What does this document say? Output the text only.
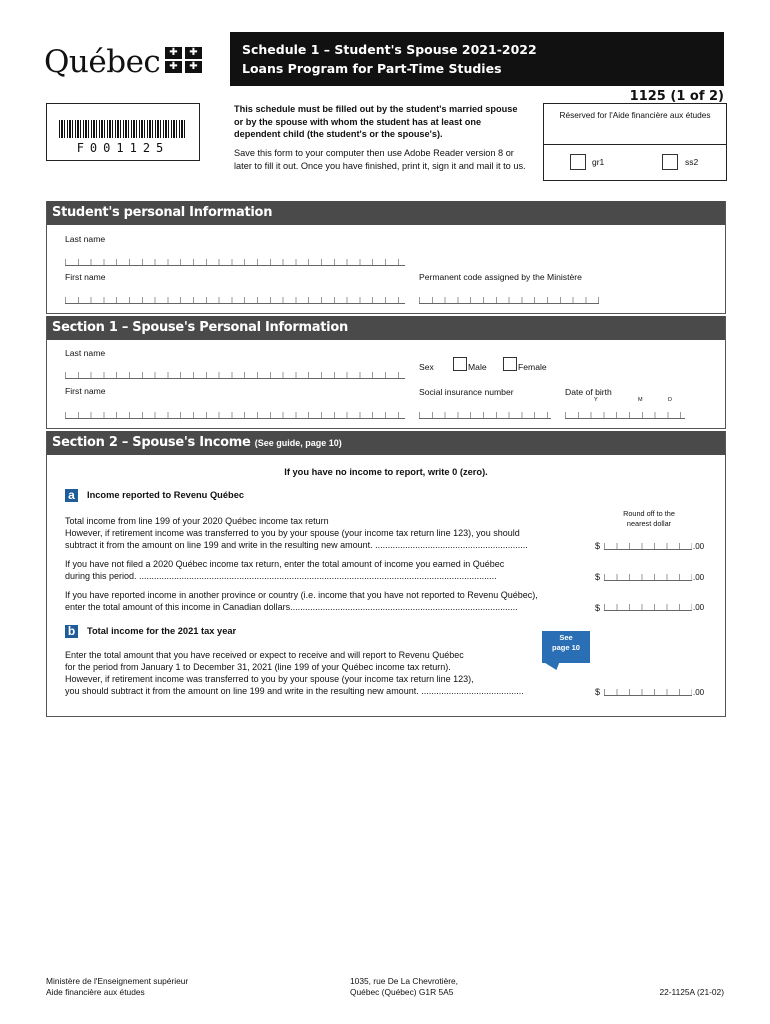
Québec ✚	✚
✚	✚
Schedule 1 – Student's Spouse 2021-2022
Loans Program for Part-Time Studies
1125 (1 of 2)
F001125
This schedule must be filled out by the student's married spouse or by the spouse with whom the student has at least one dependent child (the student's or the spouse's).
Save this form to your computer then use Adobe Reader version 8 or later to fill it out. Once you have finished, print it, sign it and mail it to us.
Réserved for l'Aide financière aux études
gr1	ss2
Student's personal Information
Last name
First name	Permanent code assigned by the Ministère
Section 1 – Spouse's Personal Information
Last name
Sex	Male	Female
First name	Social insurance number	Date of birth
Y	M	D
Section 2 – Spouse's Income (See guide, page 10)
If you have no income to report, write 0 (zero).
a	Income reported to Revenu Québec
Round off to the
nearest dollar
Total income from line 199 of your 2020 Québec income tax return
However, if retirement income was transferred to you by your spouse (your income tax return line 123), you should
subtract it from the amount on line 199 and write in the resulting new amount. .............................................................	$	.00
If you have not filed a 2020 Québec income tax return, enter the total amount of income you earned in Québec
during this period. ...............................................................................................................................................	$	.00
If you have reported income in another province or country (i.e. income that you have not reported to Revenu Québec),
enter the total amount of this income in Canadian dollars...........................................................................................	$	.00
b	Total income for the 2021 tax year
See
page 10
Enter the total amount that you have received or expect to receive and will report to Revenu Québec
for the period from January 1 to December 31, 2021 (line 199 of your Québec income tax return).
However, if retirement income was transferred to you by your spouse (your income tax return line 123),
you should subtract it from the amount on line 199 and write in the resulting new amount. .........................................	$	.00
Ministère de l'Enseignement supérieur
Aide financière aux études
1035, rue De La Chevrotière,
Québec (Québec) G1R 5A5	22-1125A (21-02)
